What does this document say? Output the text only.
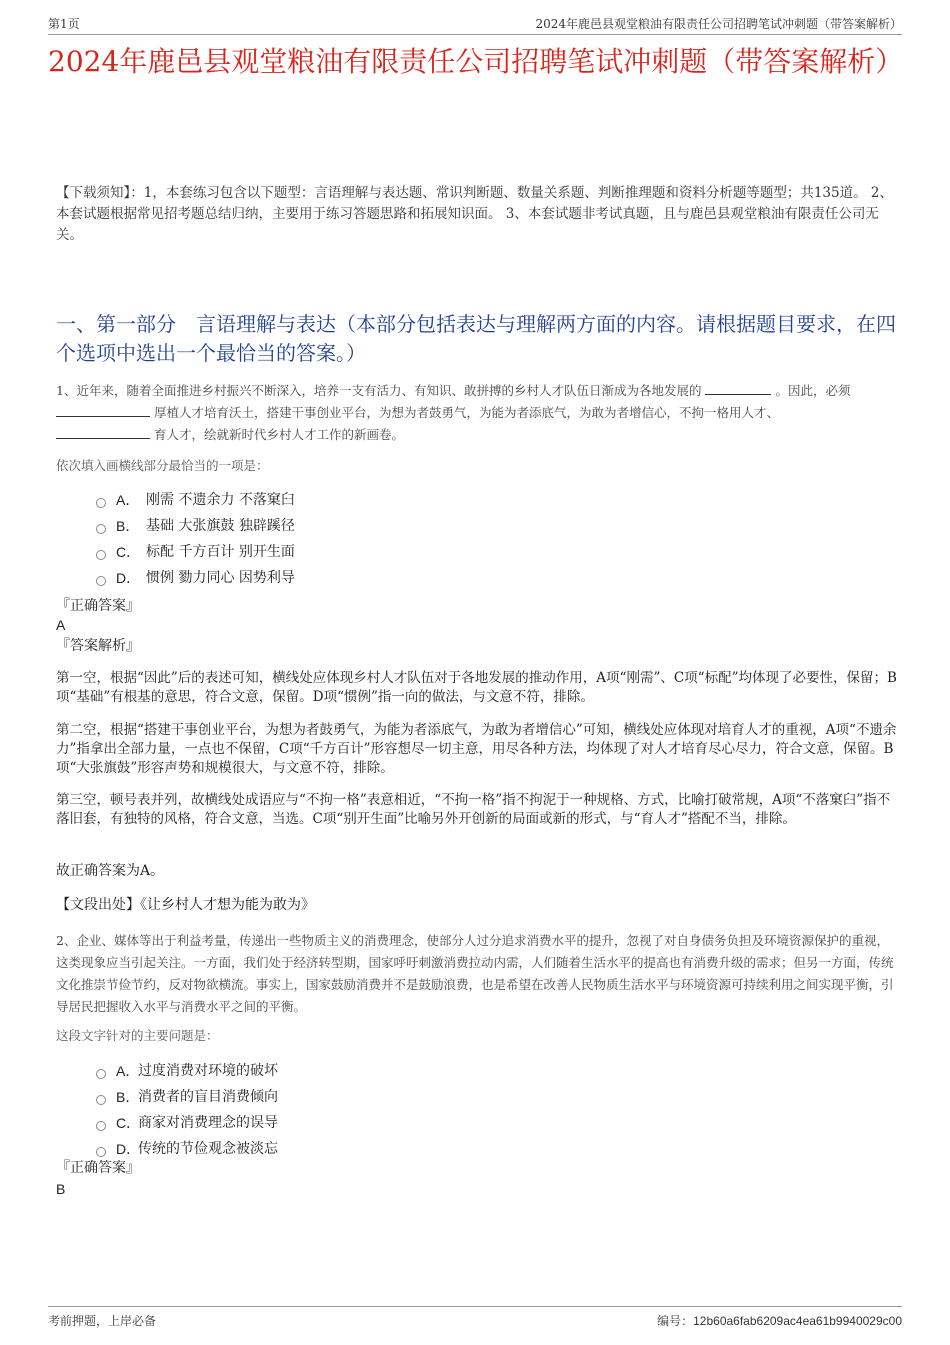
第1页	2024年鹿邑县观堂粮油有限责任公司招聘笔试冲刺题（带答案解析）
2024年鹿邑县观堂粮油有限责任公司招聘笔试冲刺题（带答案解析）

【下载须知】：1，本套练习包含以下题型：言语理解与表达题、常识判断题、数量关系题、判断推理题和资料分析题等题型；共135道。 2、本套试题根据常见招考题总结归纳，主要用于练习答题思路和拓展知识面。 3、本套试题非考试真题，且与鹿邑县观堂粮油有限责任公司无关。

一、第一部分　言语理解与表达（本部分包括表达与理解两方面的内容。请根据题目要求，在四个选项中选出一个最恰当的答案。）

1、近年来，随着全面推进乡村振兴不断深入，培养一支有活力、有知识、敢拼搏的乡村人才队伍日渐成为各地发展的	。因此，必须
厚植人才培育沃土，搭建干事创业平台，为想为者鼓勇气，为能为者添底气，为敢为者增信心，不拘一格用人才、
育人才，绘就新时代乡村人才工作的新画卷。

依次填入画横线部分最恰当的一项是：

A． 刚需 不遗余力 不落窠臼
B． 基础 大张旗鼓 独辟蹊径
C． 标配 千方百计 别开生面
D． 惯例 勠力同心 因势利导

『正确答案』

A

『答案解析』

第一空，根据“因此”后的表述可知，横线处应体现乡村人才队伍对于各地发展的推动作用，A项“刚需”、C项“标配”均体现了必要性，保留；B项“基础”有根基的意思，符合文意，保留。D项“惯例”指一向的做法，与文意不符，排除。

第二空，根据“搭建干事创业平台，为想为者鼓勇气，为能为者添底气，为敢为者增信心”可知，横线处应体现对培育人才的重视，A项“不遗余力”指拿出全部力量，一点也不保留，C项“千方百计”形容想尽一切主意，用尽各种方法，均体现了对人才培育尽心尽力，符合文意，保留。B项“大张旗鼓”形容声势和规模很大，与文意不符，排除。

第三空，顿号表并列，故横线处成语应与“不拘一格”表意相近，“不拘一格”指不拘泥于一种规格、方式，比喻打破常规，A项“不落窠臼”指不落旧套，有独特的风格，符合文意，当选。C项“别开生面”比喻另外开创新的局面或新的形式，与“育人才”搭配不当，排除。

故正确答案为A。

【文段出处】《让乡村人才想为能为敢为》

2、企业、媒体等出于利益考量，传递出一些物质主义的消费理念，使部分人过分追求消费水平的提升，忽视了对自身债务负担及环境资源保护的重视，这类现象应当引起关注。一方面，我们处于经济转型期，国家呼吁刺激消费拉动内需，人们随着生活水平的提高也有消费升级的需求；但另一方面，传统文化推崇节俭节约，反对物欲横流。事实上，国家鼓励消费并不是鼓励浪费，也是希望在改善人民物质生活水平与环境资源可持续利用之间实现平衡，引导居民把握收入水平与消费水平之间的平衡。

这段文字针对的主要问题是：

A．
过度消费对环境的破坏
B．
消费者的盲目消费倾向
C．
商家对消费理念的误导
D．
传统的节俭观念被淡忘

『正确答案』

B

考前押题，上岸必备	编号：12b60a6fab6209ac4ea61b9940029c00
